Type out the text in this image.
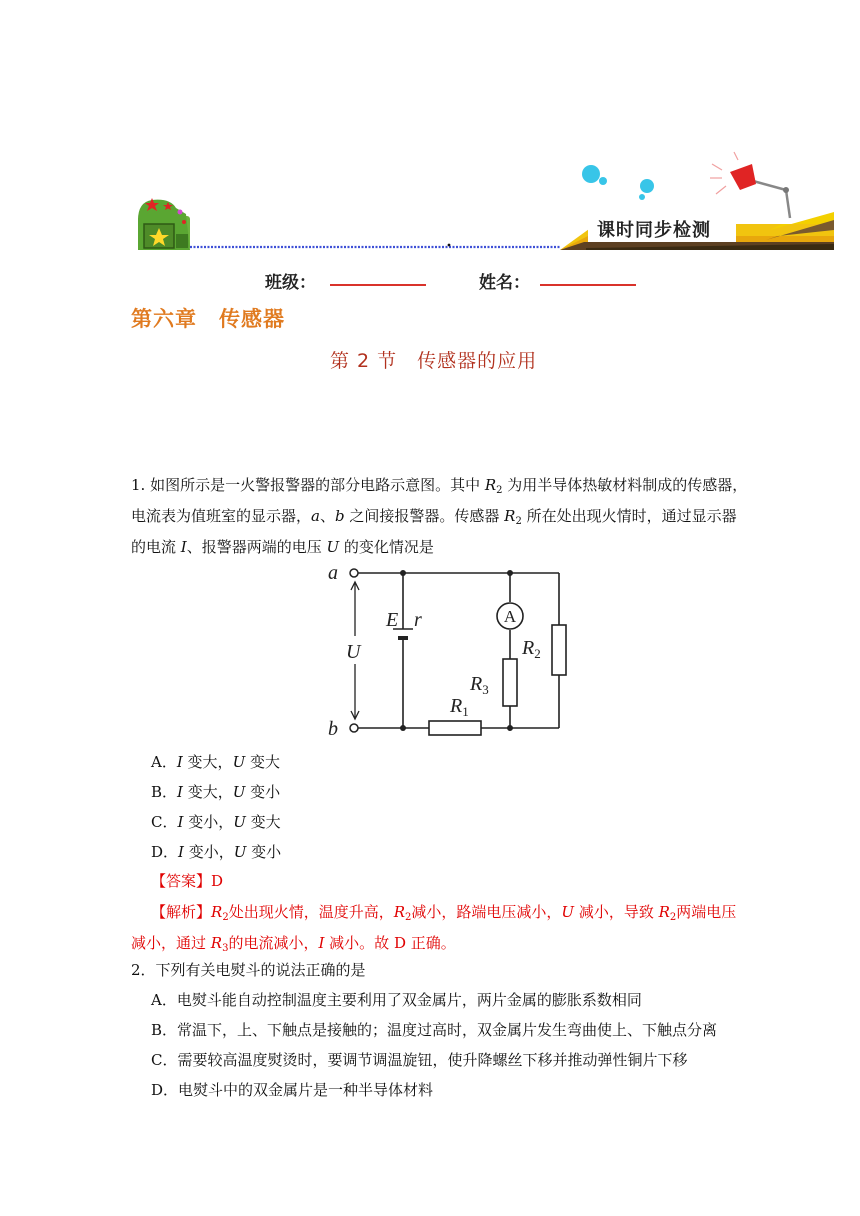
课时同步检测
班级：	姓名：
第六章　传感器
第 2 节　传感器的应用
1. 如图所示是一火警报警器的部分电路示意图。其中 $R_2$ 为用半导体热敏材料制成的传感器，
电流表为值班室的显示器，a、b 之间接报警器。传感器 $R_2$ 所在处出现火情时，通过显示器
的电流 I、报警器两端的电压 U 的变化情况是
A
a
b
U
E r
$R_1$
$R_3$
$R_2$
A．I 变大，U 变大
B．I 变大，U 变小
C．I 变小，U 变大
D．I 变小，U 变小
【答案】D
【解析】$R_2$处出现火情，温度升高，$R_2$减小，路端电压减小，U 减小，导致 $R_2$两端电压
减小，通过 $R_3$的电流减小，I 减小。故 D 正确。
2．下列有关电熨斗的说法正确的是
A．电熨斗能自动控制温度主要利用了双金属片，两片金属的膨胀系数相同
B．常温下，上、下触点是接触的；温度过高时，双金属片发生弯曲使上、下触点分离
C．需要较高温度熨烫时，要调节调温旋钮，使升降螺丝下移并推动弹性铜片下移
D．电熨斗中的双金属片是一种半导体材料
